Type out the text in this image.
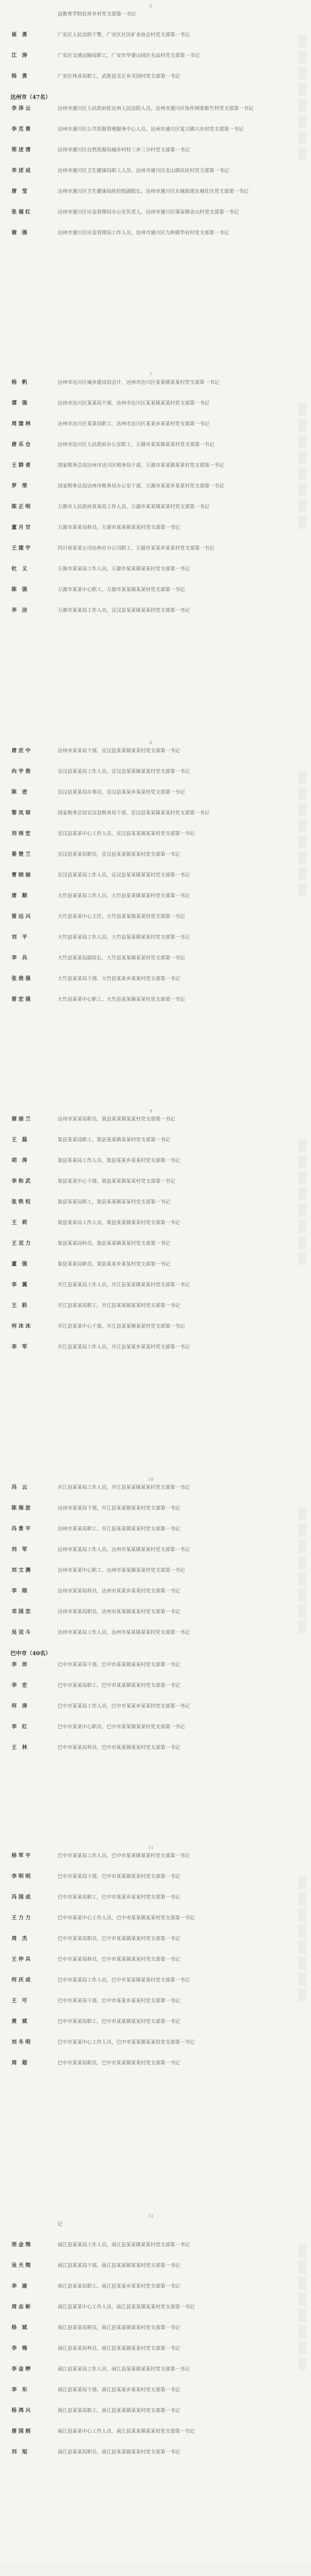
6
县教育学院驻祥乡村党支部第一书记
崔 勇	广安区人民法院干警，广安区社区矿业协会村党支部第一书记
江 涛	广安区交通运输局职工，广安市华蓥山园区名品村党支部第一书记
杨 勇	广安区林业局职工，武胜县灵正乡灵园村党支部第一书记
达州市（47名）
李泽云	达州市通川区人民政府驻达州人民法院人员，达州市通川区协作网委新竹村党支部第一书记
李克勇	达州市通川区公共资源管理服务中心人员，达州市通川区复兴镇兴东村党支部第一书记
郑述清	达州市通川区自然资源局城乡村村三乡三分村党支部第一书记
李述成	达州市通川区卫生健康局职工人员，达州市通川区北山镇民民村党支部第一书记
唐 莹	达州市通川区卫生健康局疾控股副股长，达州市通川区东城街道东城社区党支部第一书记
张福红	达州市通川区应急管理局办公室负责人，达州市通川区蒲家镇金山村党支部第一书记
谢 强	达州市通川区应急管理局工作人员，达州市通川区九岭镇华岩村党支部第一书记
7
杨 帆	达州市达川区城乡建设局会计，达州市达川区某某镇某某村党支部第一书记
谭 强	达州市达川区某某局干部，达州市达川区某某镇某某村党支部第一书记
周建林	达州市达川区某某局职工，达州市达川区某某乡某某村党支部第一书记
唐乐仓	达州市达川区人民政府办公室职工，万源市某某镇某某村党支部第一书记
王群者	国家税务总局达州市达川区税务局干部，万源市某某镇某某村党支部第一书记
罗 荣	国家税务总局达州市税务局办公室干部，万源市某某乡某某村党支部第一书记
陈正明	万源市人民政府某某局工作人员，万源市某某镇某某村党支部第一书记
董月甘	万源市某某局科员，万源市某某镇某某村党支部第一书记
王建宇	四川省某某公司达州市分公司职工，万源市某某乡某某村党支部第一书记
杜 义	万源市某某局工作人员，万源市某某镇某某村党支部第一书记
陈 强	万源市某某中心职工，万源市某某镇某某村党支部第一书记
李 洁	万源市某某局工作人员，宣汉县某某镇某某村党支部第一书记
8
唐应中	达州市某某局干部，宣汉县某某镇某某村党支部第一书记
向宇俊	宣汉县某某局工作人员，宣汉县某某镇某某村党支部第一书记
陈 进	宣汉县某某局办事员，宣汉县某某乡某某村党支部第一书记
黎凤琼	国家税务总局宣汉县税务局干部，宣汉县某某镇某某村党支部第一书记
刘雨宏	宣汉县某某中心工作人员，宣汉县某某镇某某村党支部第一书记
晏楚兰	宣汉县某某局职员，宣汉县某某镇某某村党支部第一书记
曹晓丽	宣汉县某某局工作人员，宣汉县某某镇某某村党支部第一书记
唐 顺	大竹县某某局工作人员，大竹县某某镇某某村党支部第一书记
雷远兴	大竹县某某中心主任，大竹县某某镇某某村党支部第一书记
刘 平	大竹县某某局工作人员，大竹县某某镇某某村党支部第一书记
李 兵	大竹县某某局副局长，大竹县某某镇某某村党支部第一书记
张俊强	大竹县某某局干部，大竹县某某乡某某村党支部第一书记
雷宏强	大竹县某某中心职工，大竹县某某镇某某村党支部第一书记
9
谢丽兰	达州市某某局职员，渠县某某镇某某村党支部第一书记
王 磊	渠县某某局职工，渠县某某镇某某村党支部第一书记
胡 涛	渠县某某局工作人员，渠县某某乡某某村党支部第一书记
李和武	渠县某某中心干部，渠县某某镇某某村党支部第一书记
张铁权	渠县某某局职工，渠县某某镇某某村党支部第一书记
王 莉	渠县某某局工作人员，渠县某某镇某某村党支部第一书记
王双力	渠县某某局科员，渠县某某镇某某村党支部第一书记
董 强	渠县某某局职员，渠县某某乡某某村党支部第一书记
李 翼	开江县某某局工作人员，开江县某某镇某某村党支部第一书记
王 跃	开江县某某局职工，开江县某某镇某某村党支部第一书记
何冰冰	开江县某某中心干部，开江县某某镇某某村党支部第一书记
李 军	开江县某某局工作人员，开江县某某乡某某村党支部第一书记
10
冯 云	开江县某某局工作人员，开江县某某镇某某村党支部第一书记
陈海波	达州市某某局干部，开江县某某镇某某村党支部第一书记
冯景平	达州市某某局职工，开江县某某镇某某村党支部第一书记
刘 军	达州市某某局工作人员，达州市某某镇某某村党支部第一书记
刘文渊	达州市某某中心职工，达州市某某镇某某村党支部第一书记
李 刚	达州市某某局科员，达州市某某乡某某村党支部第一书记
邓国恋	达州市某某局职员，达州市某某镇某某村党支部第一书记
吴双斗	达州市某某局工作人员，达州市某某镇某某村党支部第一书记
巴中市（40名）
李 沛	巴中市某某局干部，巴中市某某镇某某村党支部第一书记
李 宏	巴中市某某局职工，巴中市某某镇某某村党支部第一书记
何 涛	巴中市某某局工作人员，巴中市某某乡某某村党支部第一书记
李 红	巴中市某某中心职员，巴中市某某镇某某村党支部第一书记
王 林	巴中市某某局科员，巴中市某某镇某某村党支部第一书记
11
杨军平	巴中市某某局工作人员，巴中市某某镇某某村党支部第一书记
李明明	巴中市某某局干部，巴中市某某镇某某村党支部第一书记
冯国成	巴中市某某局职工，巴中市某某乡某某村党支部第一书记
王力力	巴中市某某中心工作人员，巴中市某某镇某某村党支部第一书记
周 杰	巴中市某某局职员，巴中市某某镇某某村党支部第一书记
王仲兵	巴中市某某局科员，巴中市某某镇某某村党支部第一书记
何庆成	巴中市某某局工作人员，巴中市某某镇某某村党支部第一书记
王 可	巴中市某某局干部，巴中市某某乡某某村党支部第一书记
黄 斌	巴中市某某局职工，巴中市某某镇某某村党支部第一书记
刘冬明	巴中市某某中心工作人员，巴中市某某镇某某村党支部第一书记
周 超	巴中市某某局职员，巴中市某某镇某某村党支部第一书记
12
记
邢金翔	南江县某某局工作人员，南江县某某镇某某村党支部第一书记
吴天翔	南江县某某局干部，南江县某某镇某某村党支部第一书记
李 渝	南江县某某局职工，南江县某某乡某某村党支部第一书记
周志彬	南江县某某中心工作人员，南江县某某镇某某村党支部第一书记
杨 斌	南江县某某局职员，南江县某某镇某某村党支部第一书记
李 梅	南江县某某局科员，南江县某某镇某某村党支部第一书记
李金婷	南江县某某局工作人员，南江县某某镇某某村党支部第一书记
李 东	南江县某某局干部，南江县某某乡某某村党支部第一书记
杨鸿兴	南江县某某局职工，南江县某某镇某某村党支部第一书记
唐国炳	南江县某某中心工作人员，南江县某某镇某某村党支部第一书记
刘 旭	南江县某某局职员，南江县某某镇某某村党支部第一书记
